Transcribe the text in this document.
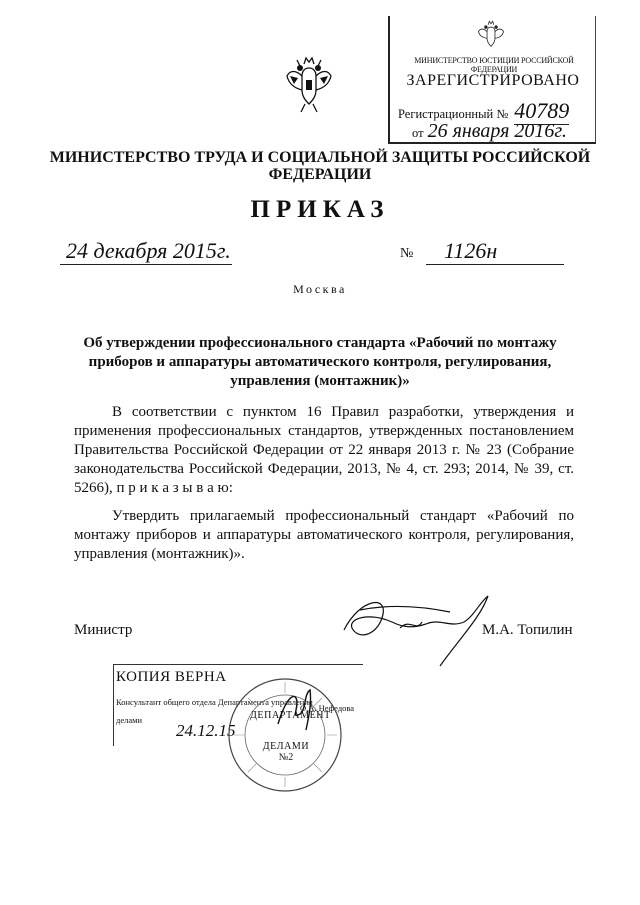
МИНИСТЕРСТВО ЮСТИЦИИ РОССИЙСКОЙ ФЕДЕРАЦИИ
ЗАРЕГИСТРИРОВАНО
Регистрационный № 40789
от 26 января 2016г.
МИНИСТЕРСТВО ТРУДА И СОЦИАЛЬНОЙ ЗАЩИТЫ РОССИЙСКОЙ ФЕДЕРАЦИИ
ПРИКАЗ
24 декабря 2015г.	№	1126н
Москва
Об утверждении профессионального стандарта «Рабочий по монтажу приборов и аппаратуры автоматического контроля, регулирования, управления (монтажник)»
В соответствии с пунктом 16 Правил разработки, утверждения и применения профессиональных стандартов, утвержденных постановлением Правительства Российской Федерации от 22 января 2013 г. № 23 (Собрание законодательства Российской Федерации, 2013, № 4, ст. 293; 2014, № 39, ст. 5266), п р и к а з ы в а ю:
Утвердить прилагаемый профессиональный стандарт «Рабочий по монтажу приборов и аппаратуры автоматического контроля, регулирования, управления (монтажник)».
Министр	М.А. Топилин
КОПИЯ ВЕРНА
Консультант общего отдела Департамента управления делами
О.А. Нефедова
24.12.15
ДЕПАРТАМЕНТ
ДЕЛАМИ
№2
